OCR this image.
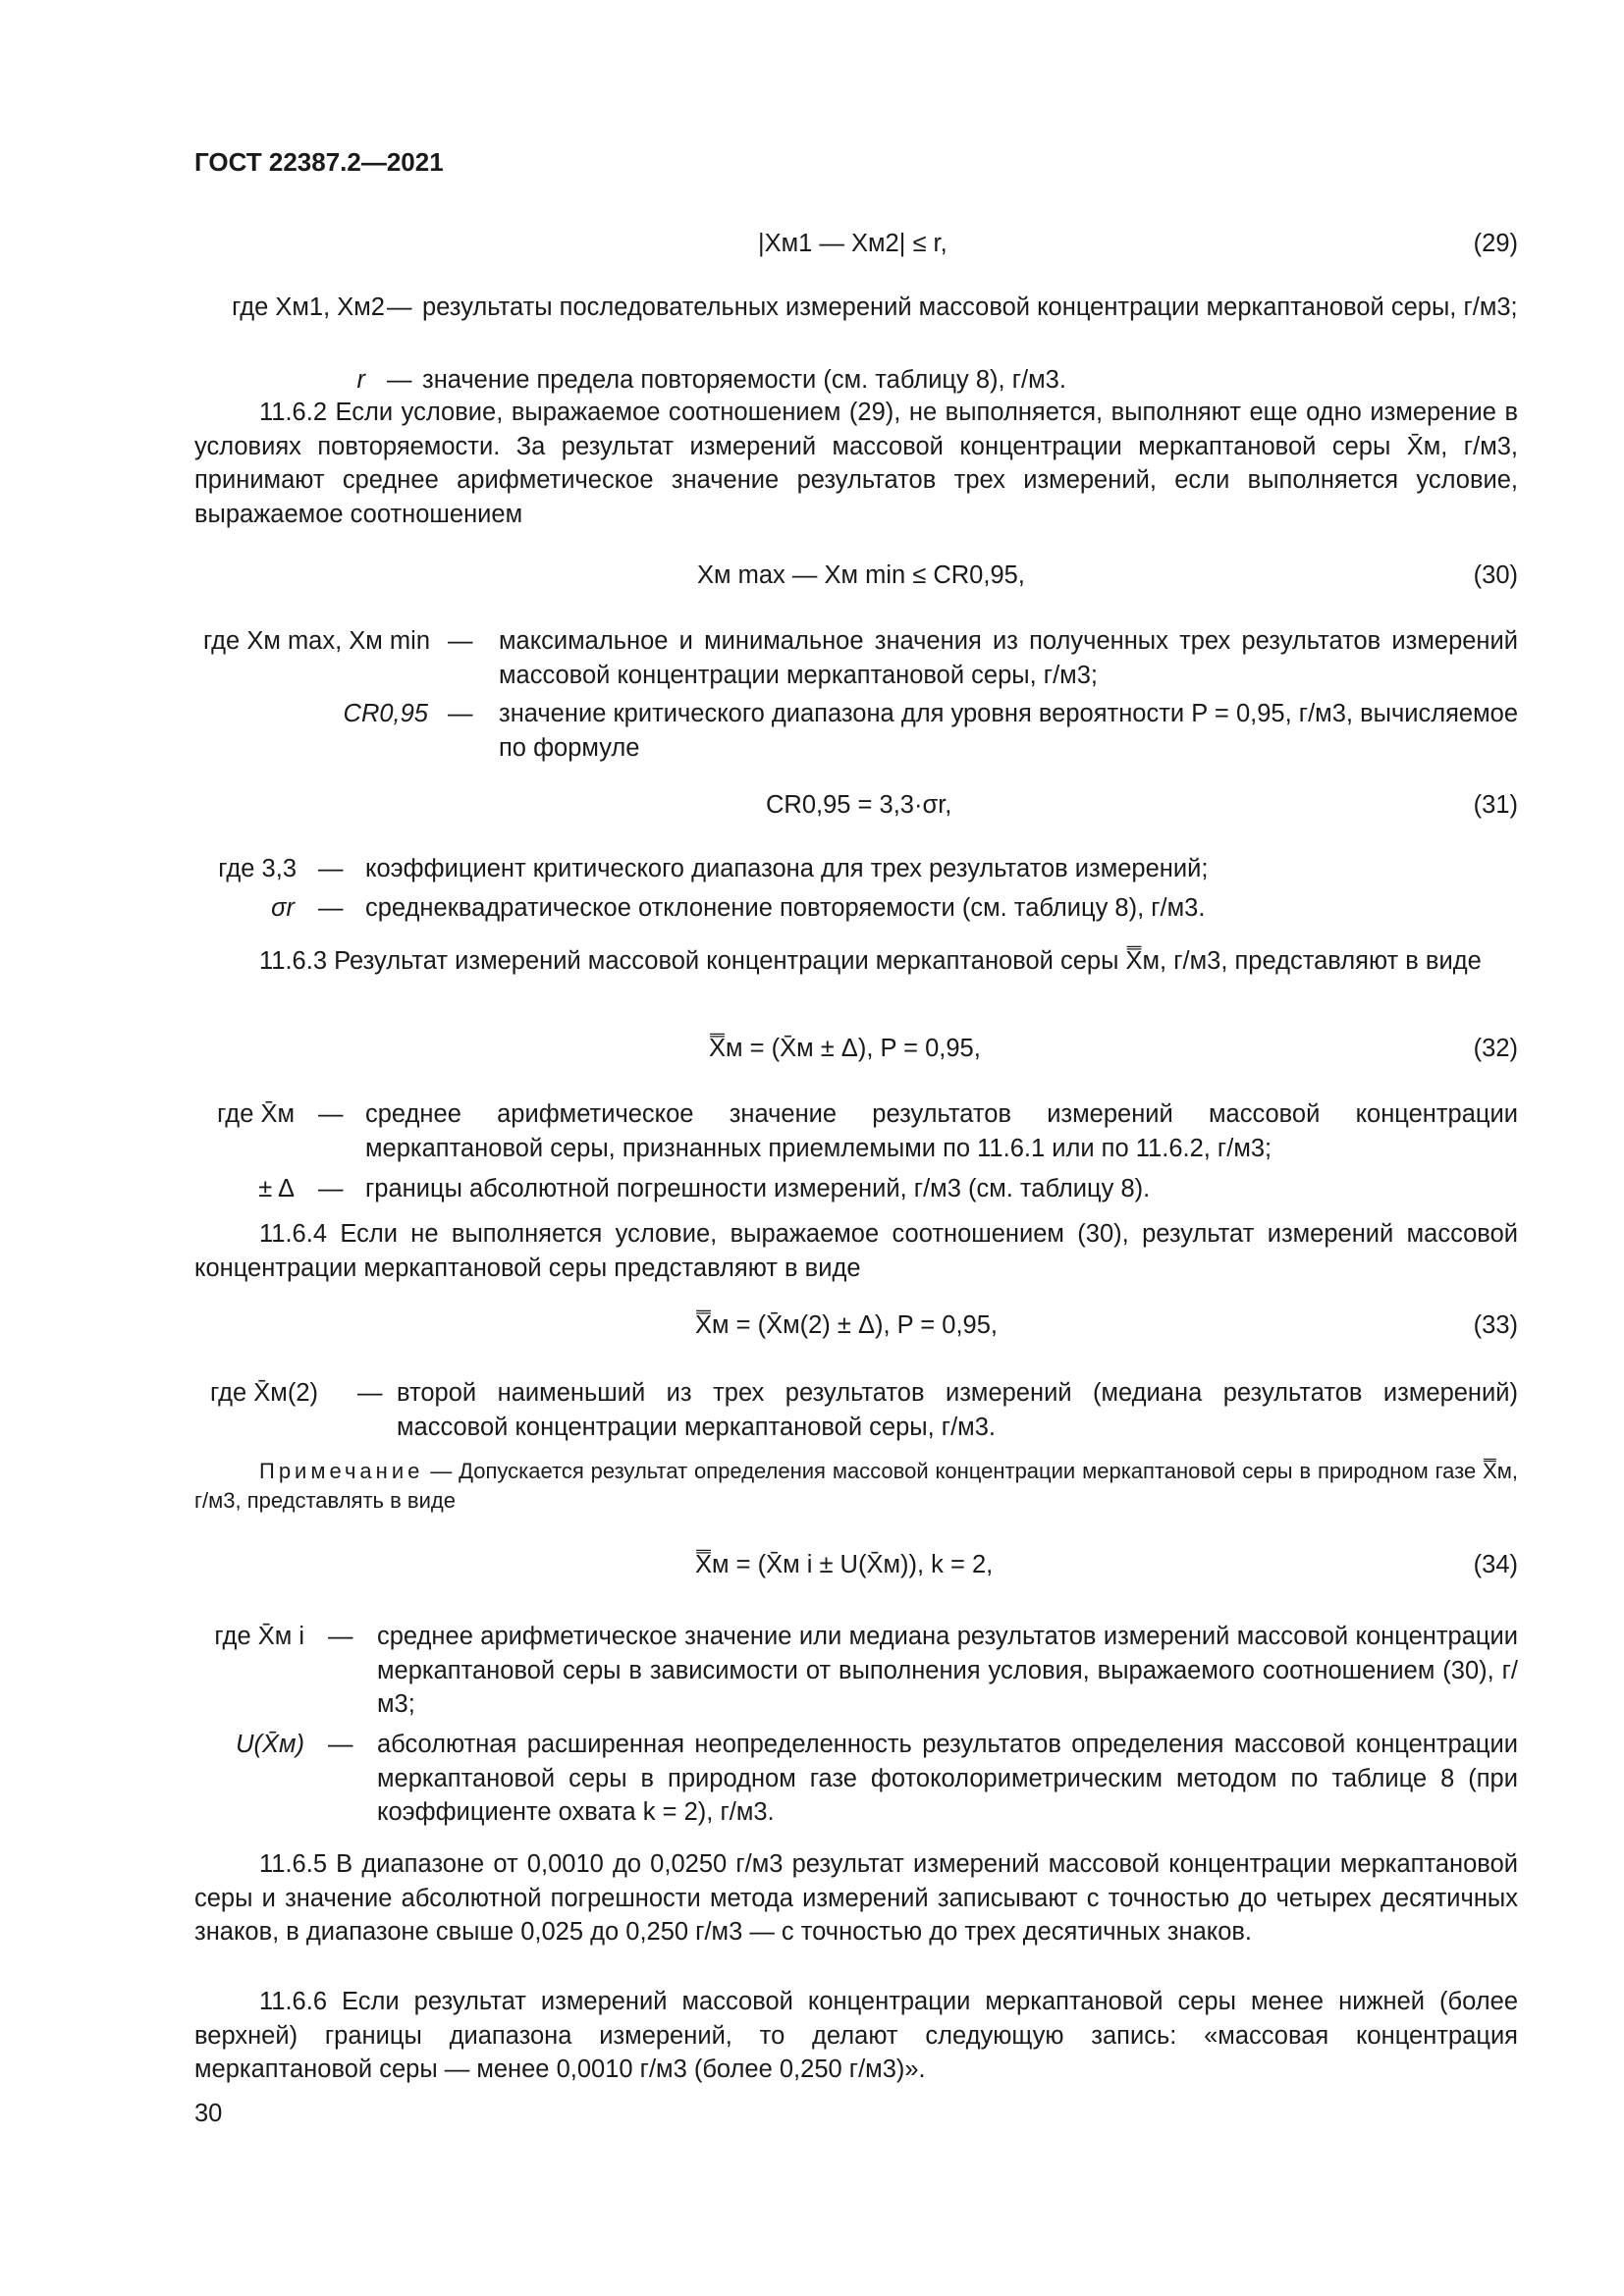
ГОСТ 22387.2—2021
|Xм1 — Xм2| ≤ r,	(29)
где Xм1, Xм2 — результаты последовательных измерений массовой концентрации меркаптановой серы, г/м3;
r — значение предела повторяемости (см. таблицу 8), г/м3.
11.6.2 Если условие, выражаемое соотношением (29), не выполняется, выполняют еще одно измерение в условиях повторяемости. За результат измерений массовой концентрации меркаптановой серы X̄м, г/м3, принимают среднее арифметическое значение результатов трех измерений, если выполняется условие, выражаемое соотношением
Xм max — Xм min ≤ CR0,95,	(30)
где Xм max, Xм min — максимальное и минимальное значения из полученных трех результатов измерений массовой концентрации меркаптановой серы, г/м3;
CR0,95 — значение критического диапазона для уровня вероятности P = 0,95, г/м3, вычисляемое по формуле
CR0,95 = 3,3·σr,	(31)
где 3,3 — коэффициент критического диапазона для трех результатов измерений;
σr — среднеквадратическое отклонение повторяемости (см. таблицу 8), г/м3.
11.6.3 Результат измерений массовой концентрации меркаптановой серы X̿м, г/м3, представляют в виде
X̿м = (X̄м ± Δ), P = 0,95,	(32)
где X̄м — среднее арифметическое значение результатов измерений массовой концентрации меркаптановой серы, признанных приемлемыми по 11.6.1 или по 11.6.2, г/м3;
± Δ — границы абсолютной погрешности измерений, г/м3 (см. таблицу 8).
11.6.4 Если не выполняется условие, выражаемое соотношением (30), результат измерений массовой концентрации меркаптановой серы представляют в виде
X̿м = (X̄м(2) ± Δ), P = 0,95,	(33)
где X̄м(2) — второй наименьший из трех результатов измерений (медиана результатов измерений) массовой концентрации меркаптановой серы, г/м3.
Примечание — Допускается результат определения массовой концентрации меркаптановой серы в природном газе X̿м, г/м3, представлять в виде
X̿м = (X̄м i ± U(X̄м)), k = 2,	(34)
где X̄м i — среднее арифметическое значение или медиана результатов измерений массовой концентрации меркаптановой серы в зависимости от выполнения условия, выражаемого соотношением (30), г/м3;
U(X̄м) — абсолютная расширенная неопределенность результатов определения массовой концентрации меркаптановой серы в природном газе фотоколориметрическим методом по таблице 8 (при коэффициенте охвата k = 2), г/м3.
11.6.5 В диапазоне от 0,0010 до 0,0250 г/м3 результат измерений массовой концентрации меркаптановой серы и значение абсолютной погрешности метода измерений записывают с точностью до четырех десятичных знаков, в диапазоне свыше 0,025 до 0,250 г/м3 — с точностью до трех десятичных знаков.
11.6.6 Если результат измерений массовой концентрации меркаптановой серы менее нижней (более верхней) границы диапазона измерений, то делают следующую запись: «массовая концентрация меркаптановой серы — менее 0,0010 г/м3 (более 0,250 г/м3)».
30
